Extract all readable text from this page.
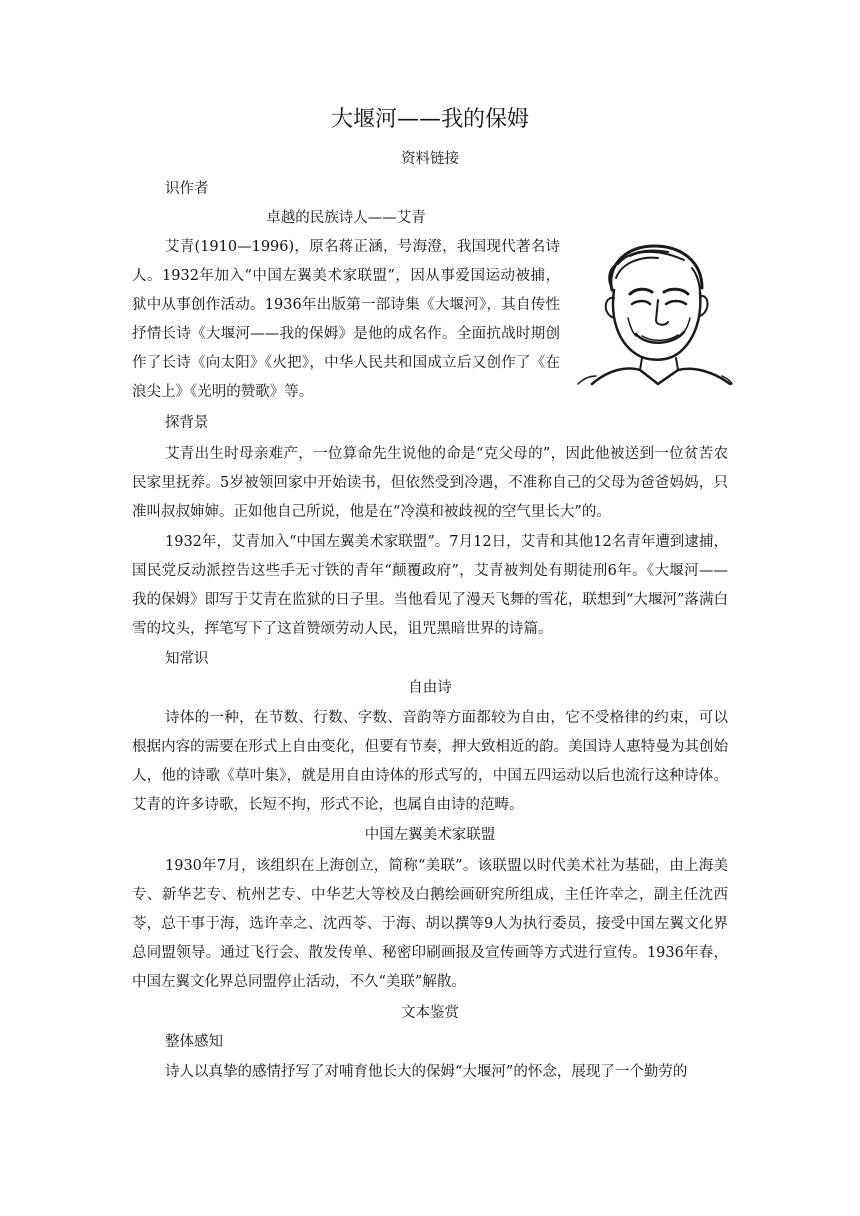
大堰河——我的保姆
资料链接
识作者
卓越的民族诗人——艾青

艾青(1910—1996)，原名蒋正涵，号海澄，我国现代著名诗人。1932年加入“中国左翼美术家联盟”，因从事爱国运动被捕，狱中从事创作活动。1936年出版第一部诗集《大堰河》，其自传性抒情长诗《大堰河——我的保姆》是他的成名作。全面抗战时期创作了长诗《向太阳》《火把》，中华人民共和国成立后又创作了《在浪尖上》《光明的赞歌》等。

探背景

艾青出生时母亲难产，一位算命先生说他的命是“克父母的”，因此他被送到一位贫苦农民家里抚养。5岁被领回家中开始读书，但依然受到冷遇，不准称自己的父母为爸爸妈妈，只准叫叔叔婶婶。正如他自己所说，他是在“冷漠和被歧视的空气里长大”的。

1932年，艾青加入“中国左翼美术家联盟”。7月12日，艾青和其他12名青年遭到逮捕，国民党反动派控告这些手无寸铁的青年“颠覆政府”，艾青被判处有期徒刑6年。《大堰河——我的保姆》即写于艾青在监狱的日子里。当他看见了漫天飞舞的雪花，联想到“大堰河”落满白雪的坟头，挥笔写下了这首赞颂劳动人民，诅咒黑暗世界的诗篇。

知常识
自由诗

诗体的一种，在节数、行数、字数、音韵等方面都较为自由，它不受格律的约束，可以根据内容的需要在形式上自由变化，但要有节奏，押大致相近的韵。美国诗人惠特曼为其创始人，他的诗歌《草叶集》，就是用自由诗体的形式写的，中国五四运动以后也流行这种诗体。艾青的许多诗歌，长短不拘，形式不论，也属自由诗的范畴。

中国左翼美术家联盟

1930年7月，该组织在上海创立，简称“美联”。该联盟以时代美术社为基础，由上海美专、新华艺专、杭州艺专、中华艺大等校及白鹅绘画研究所组成，主任许幸之，副主任沈西苓，总干事于海，选许幸之、沈西苓、于海、胡以撰等9人为执行委员，接受中国左翼文化界总同盟领导。通过飞行会、散发传单、秘密印刷画报及宣传画等方式进行宣传。1936年春，中国左翼文化界总同盟停止活动，不久“美联”解散。

文本鉴赏
整体感知

诗人以真挚的感情抒写了对哺育他长大的保姆“大堰河”的怀念，展现了一个勤劳的
